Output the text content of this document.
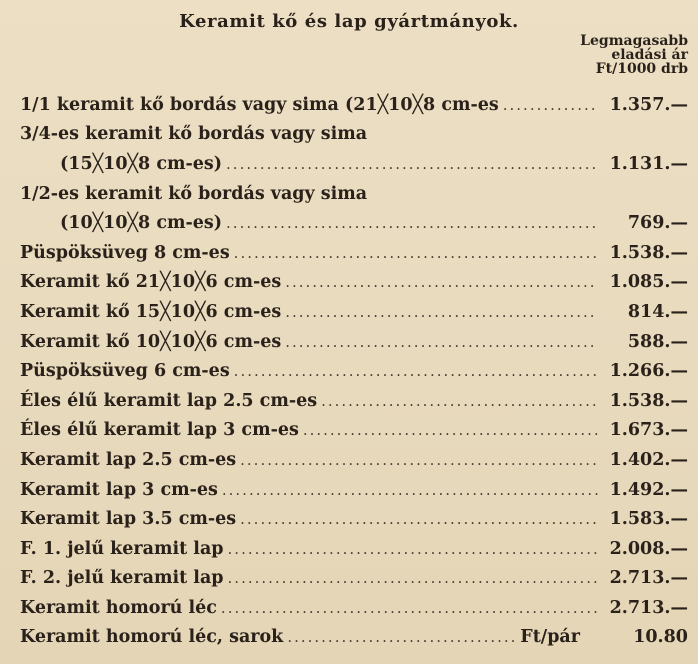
Keramit kő és lap gyártmányok.
Legmagasabb
eladási ár
Ft/1000 drb
1/1 keramit kő bordás vagy sima (21╳10╳8 cm-es .....	1.357.—
3/4-es keramit kő bordás vagy sima
(15╳10╳8 cm-es) .....	1.131.—
1/2-es keramit kő bordás vagy sima
(10╳10╳8 cm-es) .....	769.—
Püspöksüveg 8 cm-es .....	1.538.—
Keramit kő 21╳10╳6 cm-es .....	1.085.—
Keramit kő 15╳10╳6 cm-es .....	814.—
Keramit kő 10╳10╳6 cm-es .....	588.—
Püspöksüveg 6 cm-es .....	1.266.—
Éles élű keramit lap 2.5 cm-es .....	1.538.—
Éles élű keramit lap 3 cm-es .....	1.673.—
Keramit lap 2.5 cm-es .....	1.402.—
Keramit lap 3 cm-es .....	1.492.—
Keramit lap 3.5 cm-es .....	1.583.—
F. 1. jelű keramit lap .....	2.008.—
F. 2. jelű keramit lap .....	2.713.—
Keramit homorú léc .....	2.713.—
Keramit homorú léc, sarok .....	Ft/pár	10.80
